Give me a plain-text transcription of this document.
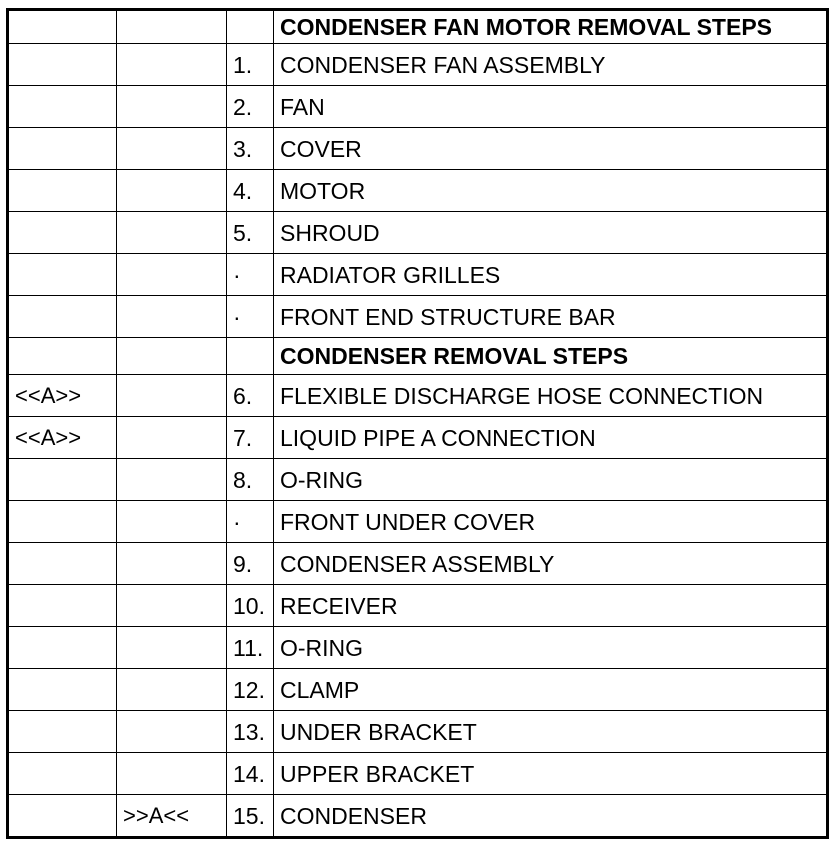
			CONDENSER FAN MOTOR REMOVAL STEPS
		1.	CONDENSER FAN ASSEMBLY
		2.	FAN
		3.	COVER
		4.	MOTOR
		5.	SHROUD
		·	RADIATOR GRILLES
		·	FRONT END STRUCTURE BAR
			CONDENSER REMOVAL STEPS
<<A>>		6.	FLEXIBLE DISCHARGE HOSE CONNECTION
<<A>>		7.	LIQUID PIPE A CONNECTION
		8.	O-RING
		·	FRONT UNDER COVER
		9.	CONDENSER ASSEMBLY
		10.	RECEIVER
		11.	O-RING
		12.	CLAMP
		13.	UNDER BRACKET
		14.	UPPER BRACKET
	>>A<<	15.	CONDENSER
